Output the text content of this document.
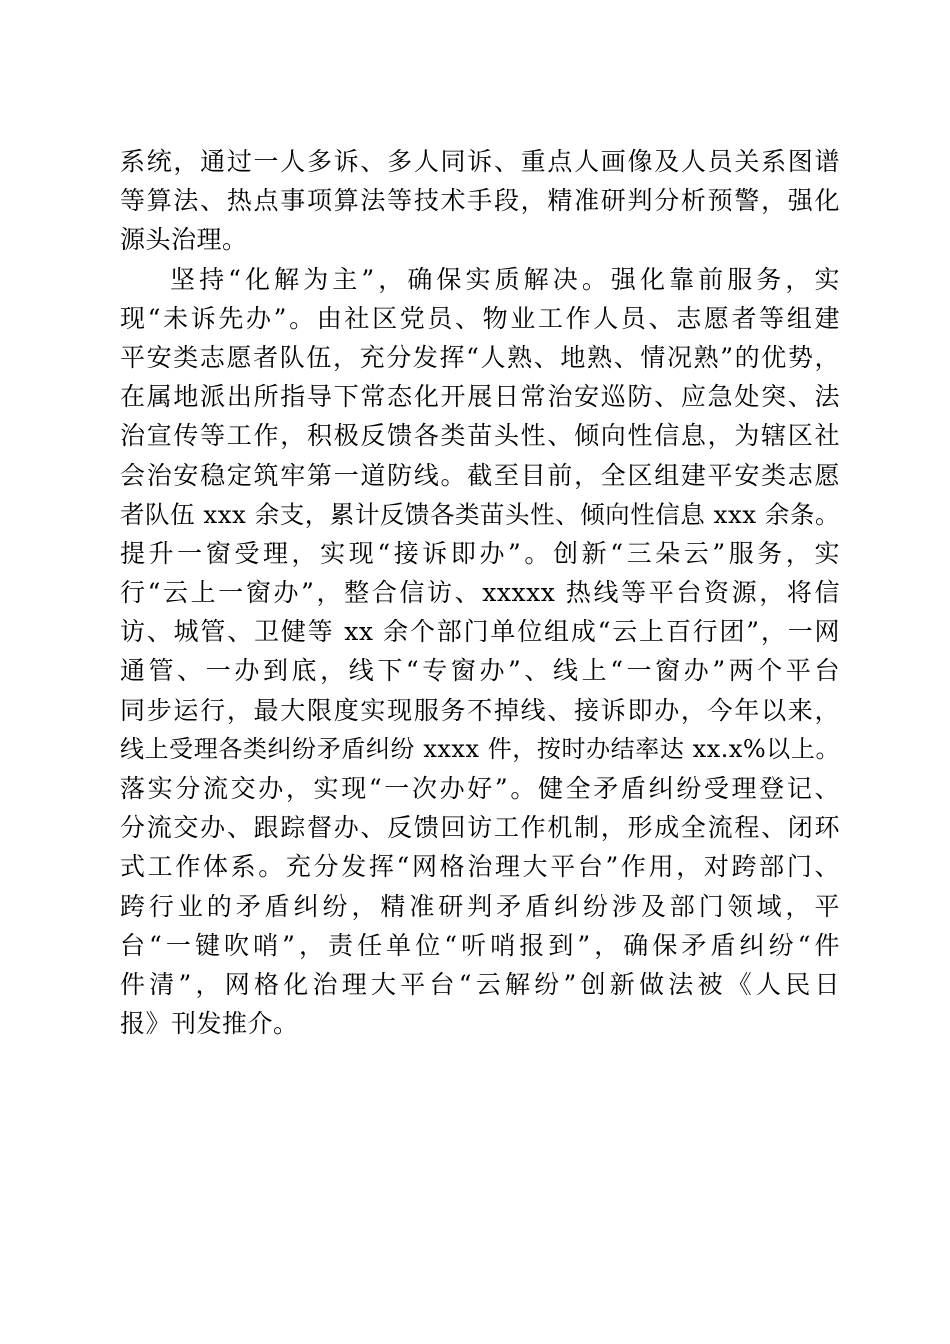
系统，通过一人多诉、多人同诉、重点人画像及人员关系图谱
等算法、热点事项算法等技术手段，精准研判分析预警，强化
源头治理。
坚持“化解为主”，确保实质解决。强化靠前服务，实
现“未诉先办”。由社区党员、物业工作人员、志愿者等组建
平安类志愿者队伍，充分发挥“人熟、地熟、情况熟”的优势，
在属地派出所指导下常态化开展日常治安巡防、应急处突、法
治宣传等工作，积极反馈各类苗头性、倾向性信息，为辖区社
会治安稳定筑牢第一道防线。截至目前，全区组建平安类志愿
者队伍 xxx 余支，累计反馈各类苗头性、倾向性信息 xxx 余条。
提升一窗受理，实现“接诉即办”。创新“三朵云”服务，实
行“云上一窗办”，整合信访、xxxxx 热线等平台资源，将信
访、城管、卫健等 xx 余个部门单位组成“云上百行团”，一网
通管、一办到底，线下“专窗办”、线上“一窗办”两个平台
同步运行，最大限度实现服务不掉线、接诉即办，今年以来，
线上受理各类纠纷矛盾纠纷 xxxx 件，按时办结率达 xx.x%以上。
落实分流交办，实现“一次办好”。健全矛盾纠纷受理登记、
分流交办、跟踪督办、反馈回访工作机制，形成全流程、闭环
式工作体系。充分发挥“网格治理大平台”作用，对跨部门、
跨行业的矛盾纠纷，精准研判矛盾纠纷涉及部门领域，平
台“一键吹哨”，责任单位“听哨报到”，确保矛盾纠纷“件
件清”，网格化治理大平台“云解纷”创新做法被《人民日
报》刊发推介。
